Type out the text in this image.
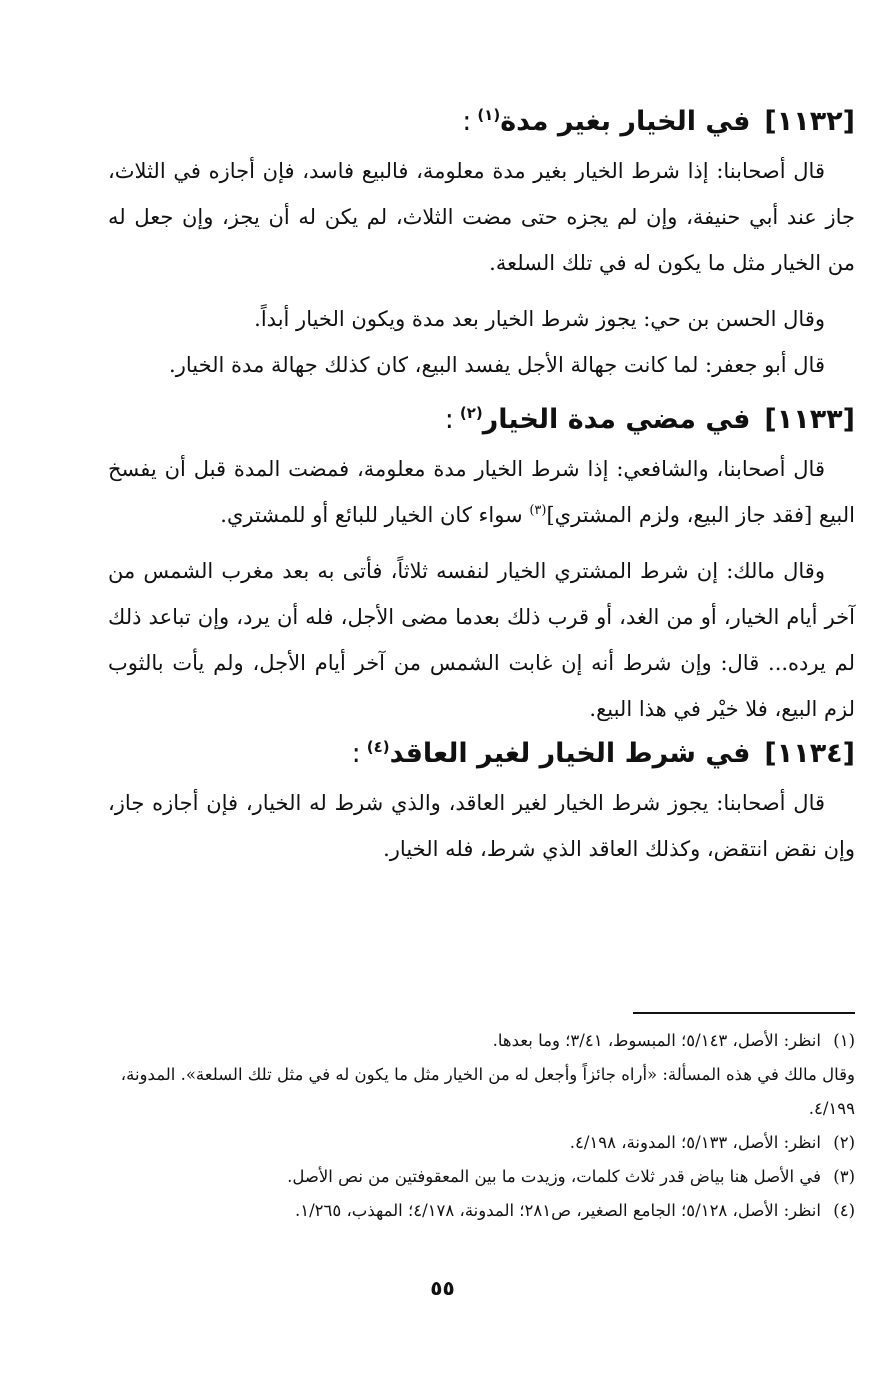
[١١٣٢]في الخيار بغير مدة$^{(١)}$:

قال أصحابنا: إذا شرط الخيار بغير مدة معلومة، فالبيع فاسد، فإن أجازه في الثلاث، جاز عند أبي حنيفة، وإن لم يجزه حتى مضت الثلاث، لم يكن له أن يجز، وإن جعل له من الخيار مثل ما يكون له في تلك السلعة.

وقال الحسن بن حي: يجوز شرط الخيار بعد مدة ويكون الخيار أبداً.

قال أبو جعفر: لما كانت جهالة الأجل يفسد البيع، كان كذلك جهالة مدة الخيار.

[١١٣٣]في مضي مدة الخيار$^{(٢)}$:

قال أصحابنا، والشافعي: إذا شرط الخيار مدة معلومة، فمضت المدة قبل أن يفسخ البيع [فقد جاز البيع، ولزم المشتري]$^{(٣)}$ سواء كان الخيار للبائع أو للمشتري.

وقال مالك: إن شرط المشتري الخيار لنفسه ثلاثاً، فأتى به بعد مغرب الشمس من آخر أيام الخيار، أو من الغد، أو قرب ذلك بعدما مضى الأجل، فله أن يرد، وإن تباعد ذلك لم يرده... قال: وإن شرط أنه إن غابت الشمس من آخر أيام الأجل، ولم يأت بالثوب لزم البيع، فلا خيْر في هذا البيع.

[١١٣٤]في شرط الخيار لغير العاقد$^{(٤)}$:

قال أصحابنا: يجوز شرط الخيار لغير العاقد، والذي شرط له الخيار، فإن أجازه جاز، وإن نقض انتقض، وكذلك العاقد الذي شرط، فله الخيار.

(١)
انظر: الأصل، ٥/١٤٣؛ المبسوط، ٣/٤١؛ وما بعدها.
وقال مالك في هذه المسألة: «أراه جائزاً وأجعل له من الخيار مثل ما يكون له في مثل تلك السلعة». المدونة، ٤/١٩٩.
(٢)
انظر: الأصل، ٥/١٣٣؛ المدونة، ٤/١٩٨.
(٣)
في الأصل هنا بياض قدر ثلاث كلمات، وزيدت ما بين المعقوفتين من نص الأصل.
(٤)
انظر: الأصل، ٥/١٢٨؛ الجامع الصغير، ص٢٨١؛ المدونة، ٤/١٧٨؛ المهذب، ١/٢٦٥.
٥٥
